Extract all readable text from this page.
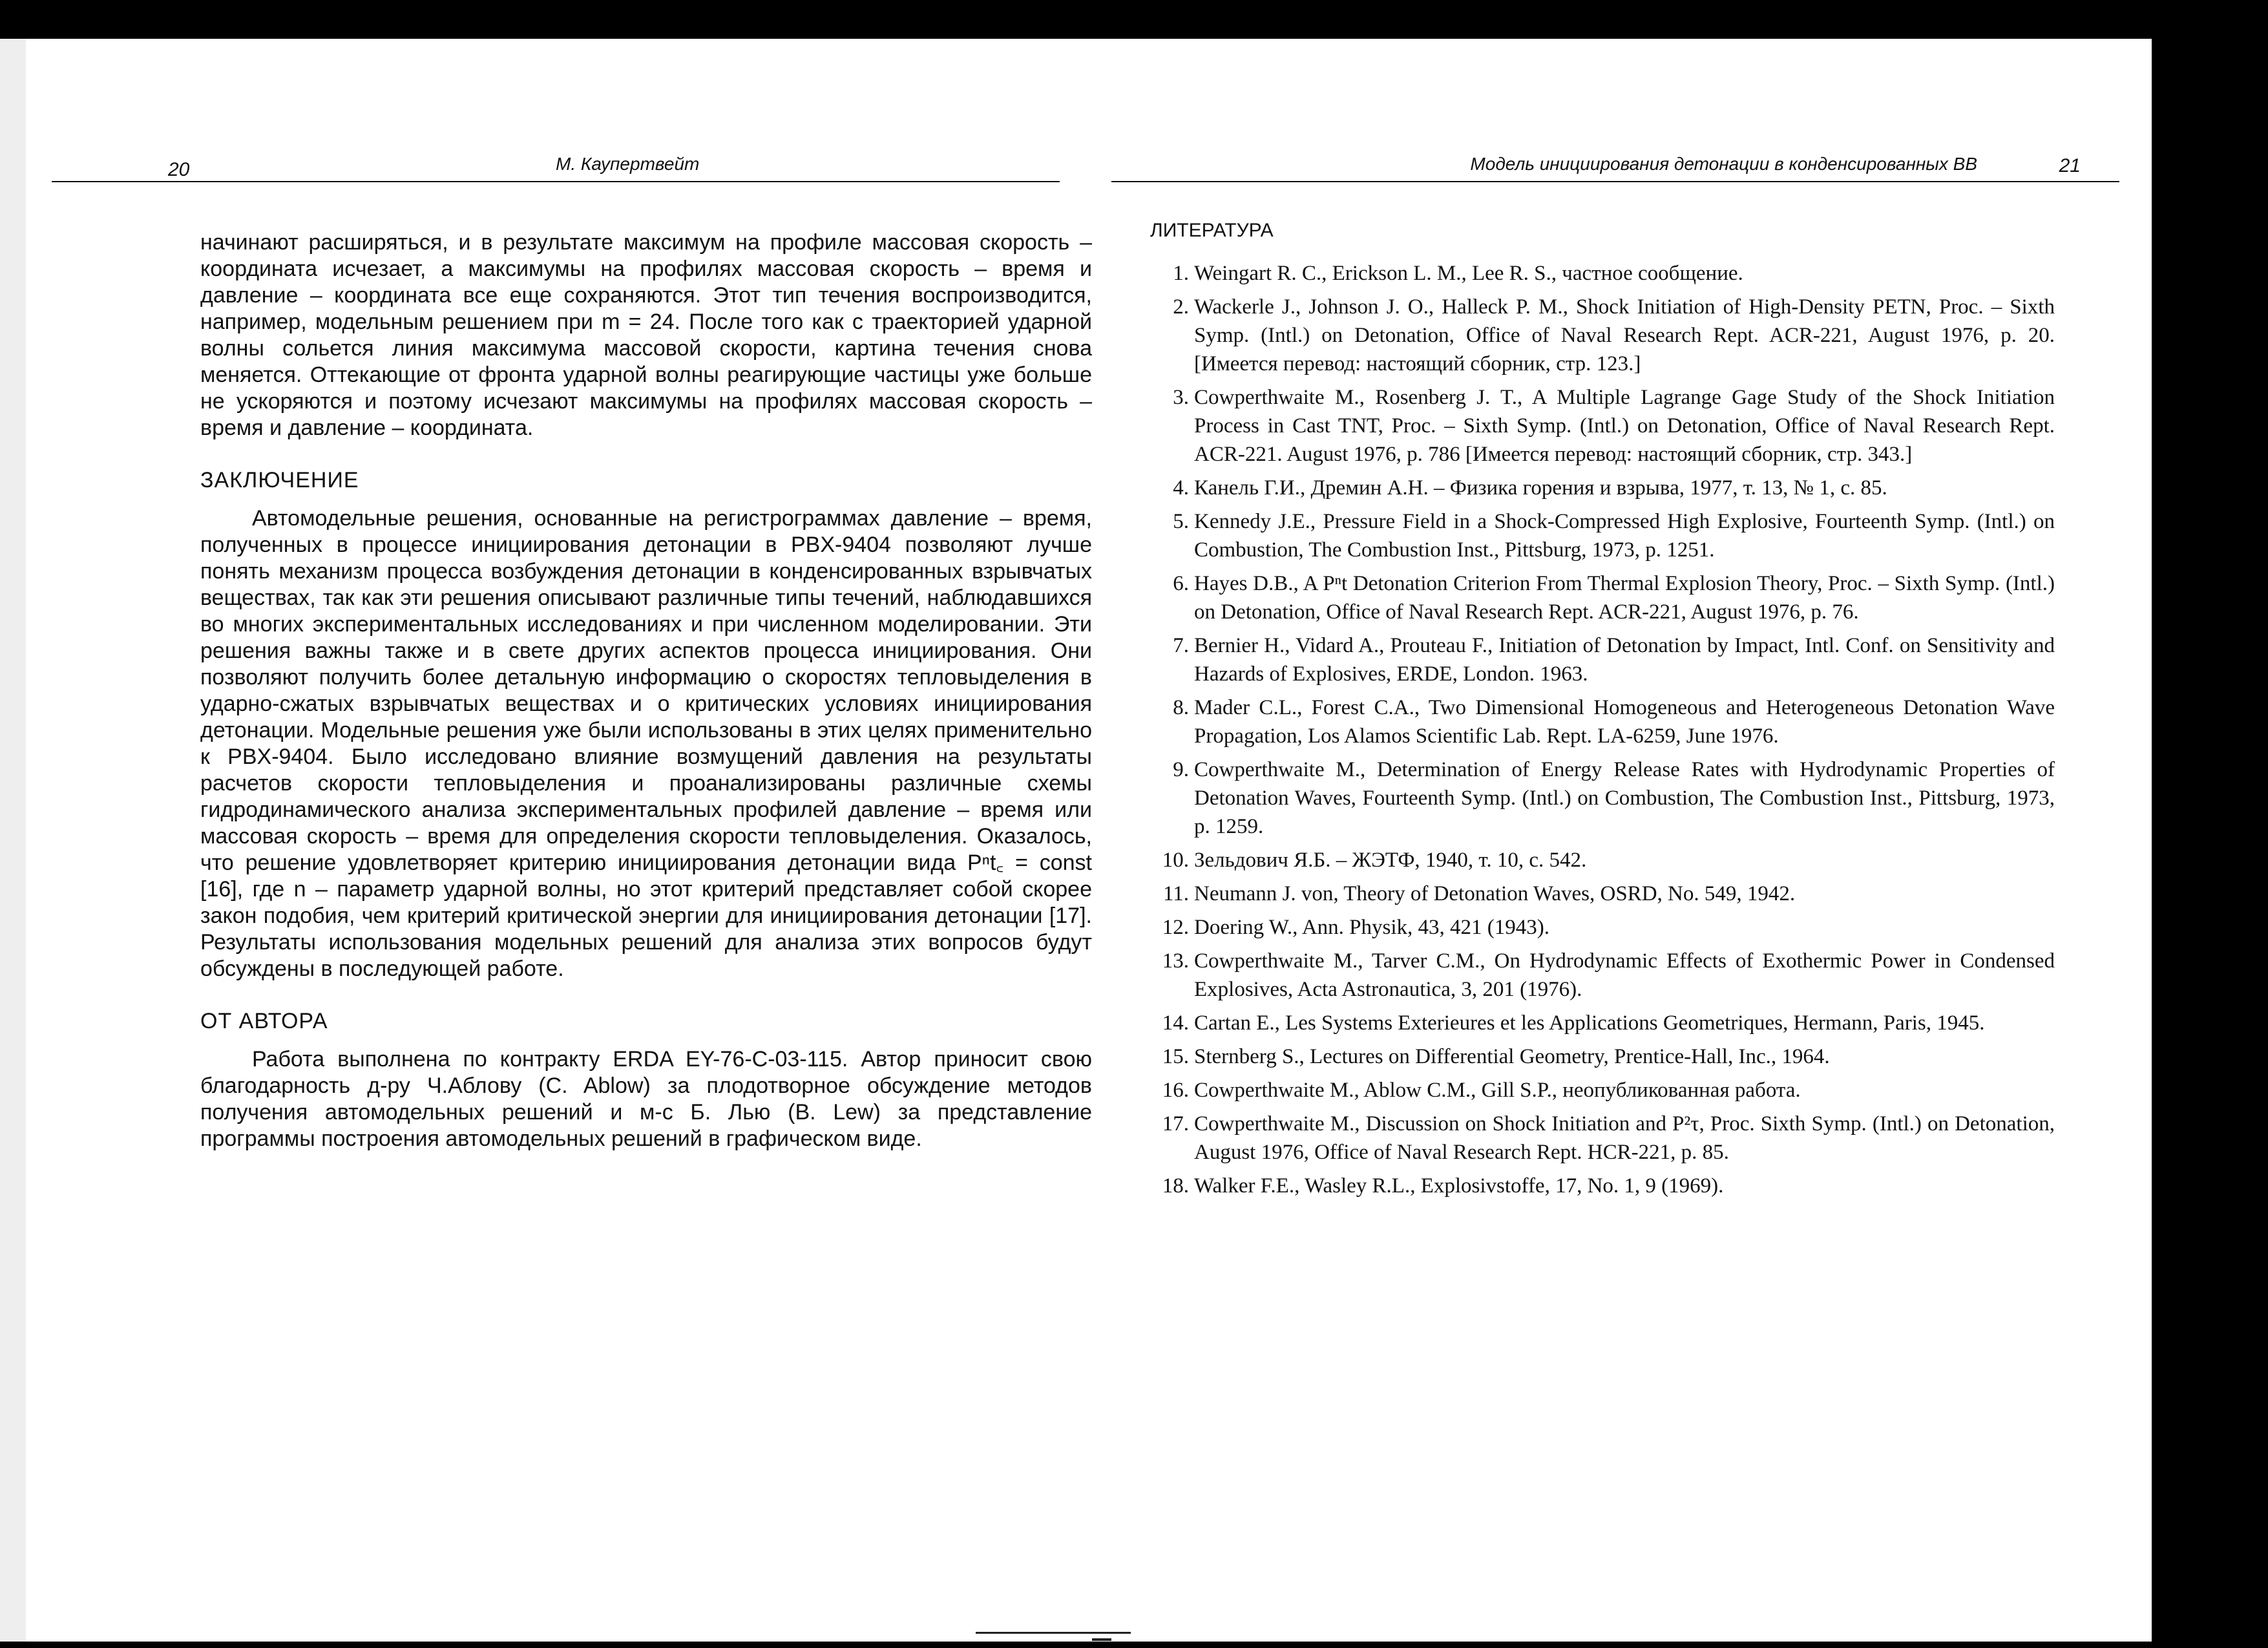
20	М. Каупертвейт

начинают расширяться, и в результате максимум на профиле массовая скорость – координата исчезает, а максимумы на профилях массовая скорость – время и давление – координата все еще сохраняются. Этот тип течения воспроизводится, например, модельным решением при m = 24. После того как с траекторией ударной волны сольется линия максимума массовой скорости, картина течения снова меняется. Оттекающие от фронта ударной волны реагирующие частицы уже больше не ускоряются и поэтому исчезают максимумы на профилях массовая скорость – время и давление – координата.

ЗАКЛЮЧЕНИЕ

Автомодельные решения, основанные на регистрограммах давление – время, полученных в процессе инициирования детонации в PBX-9404 позволяют лучше понять механизм процесса возбуждения детонации в конденсированных взрывчатых веществах, так как эти решения описывают различные типы течений, наблюдавшихся во многих экспериментальных исследованиях и при численном моделировании. Эти решения важны также и в свете других аспектов процесса инициирования. Они позволяют получить более детальную информацию о скоростях тепловыделения в ударно-сжатых взрывчатых веществах и о критических условиях инициирования детонации. Модельные решения уже были использованы в этих целях применительно к PBX-9404. Было исследовано влияние возмущений давления на результаты расчетов скорости тепловыделения и проанализированы различные схемы гидродинамического анализа экспериментальных профилей давление – время или массовая скорость – время для определения скорости тепловыделения. Оказалось, что решение удовлетворяет критерию инициирования детонации вида Pⁿt꜀ = const [16], где n – параметр ударной волны, но этот критерий представляет собой скорее закон подобия, чем критерий критической энергии для инициирования детонации [17]. Результаты использования модельных решений для анализа этих вопросов будут обсуждены в последующей работе.

ОТ АВТОРА

Работа выполнена по контракту ERDA EY-76-C-03-115. Автор приносит свою благодарность д-ру Ч.Аблову (C. Ablow) за плодотворное обсуждение методов получения автомодельных решений и м-с Б. Лью (B. Lew) за представление программы построения автомодельных решений в графическом виде.

Модель инициирования детонации в конденсированных ВВ	21
ЛИТЕРАТУРА
1. Weingart R. C., Erickson L. M., Lee R. S., частное сообщение.
2. Wackerle J., Johnson J. O., Halleck P. M., Shock Initiation of High-Density PETN, Proc. – Sixth Symp. (Intl.) on Detonation, Office of Naval Research Rept. ACR-221, August 1976, p. 20. [Имеется перевод: настоящий сборник, стр. 123.]
3. Cowperthwaite M., Rosenberg J. T., A Multiple Lagrange Gage Study of the Shock Initiation Process in Cast TNT, Proc. – Sixth Symp. (Intl.) on Detonation, Office of Naval Research Rept. ACR-221. August 1976, p. 786 [Имеется перевод: настоящий сборник, стр. 343.]
4. Канель Г.И., Дремин А.Н. – Физика горения и взрыва, 1977, т. 13, № 1, с. 85.
5. Kennedy J.E., Pressure Field in a Shock-Compressed High Explosive, Fourteenth Symp. (Intl.) on Combustion, The Combustion Inst., Pittsburg, 1973, p. 1251.
6. Hayes D.B., A Pⁿt Detonation Criterion From Thermal Explosion Theory, Proc. – Sixth Symp. (Intl.) on Detonation, Office of Naval Research Rept. ACR-221, August 1976, p. 76.
7. Bernier H., Vidard A., Prouteau F., Initiation of Detonation by Impact, Intl. Conf. on Sensitivity and Hazards of Explosives, ERDE, London. 1963.
8. Mader C.L., Forest C.A., Two Dimensional Homogeneous and Heterogeneous Detonation Wave Propagation, Los Alamos Scientific Lab. Rept. LA-6259, June 1976.
9. Cowperthwaite M., Determination of Energy Release Rates with Hydrodynamic Properties of Detonation Waves, Fourteenth Symp. (Intl.) on Combustion, The Combustion Inst., Pittsburg, 1973, p. 1259.
10. Зельдович Я.Б. – ЖЭТФ, 1940, т. 10, с. 542.
11. Neumann J. von, Theory of Detonation Waves, OSRD, No. 549, 1942.
12. Doering W., Ann. Physik, 43, 421 (1943).
13. Cowperthwaite M., Tarver C.M., On Hydrodynamic Effects of Exothermic Power in Condensed Explosives, Acta Astronautica, 3, 201 (1976).
14. Cartan E., Les Systems Exterieures et les Applications Geometriques, Hermann, Paris, 1945.
15. Sternberg S., Lectures on Differential Geometry, Prentice-Hall, Inc., 1964.
16. Cowperthwaite M., Ablow C.M., Gill S.P., неопубликованная работа.
17. Cowperthwaite M., Discussion on Shock Initiation and P²τ, Proc. Sixth Symp. (Intl.) on Detonation, August 1976, Office of Naval Research Rept. HCR-221, p. 85.
18. Walker F.E., Wasley R.L., Explosivstoffe, 17, No. 1, 9 (1969).
